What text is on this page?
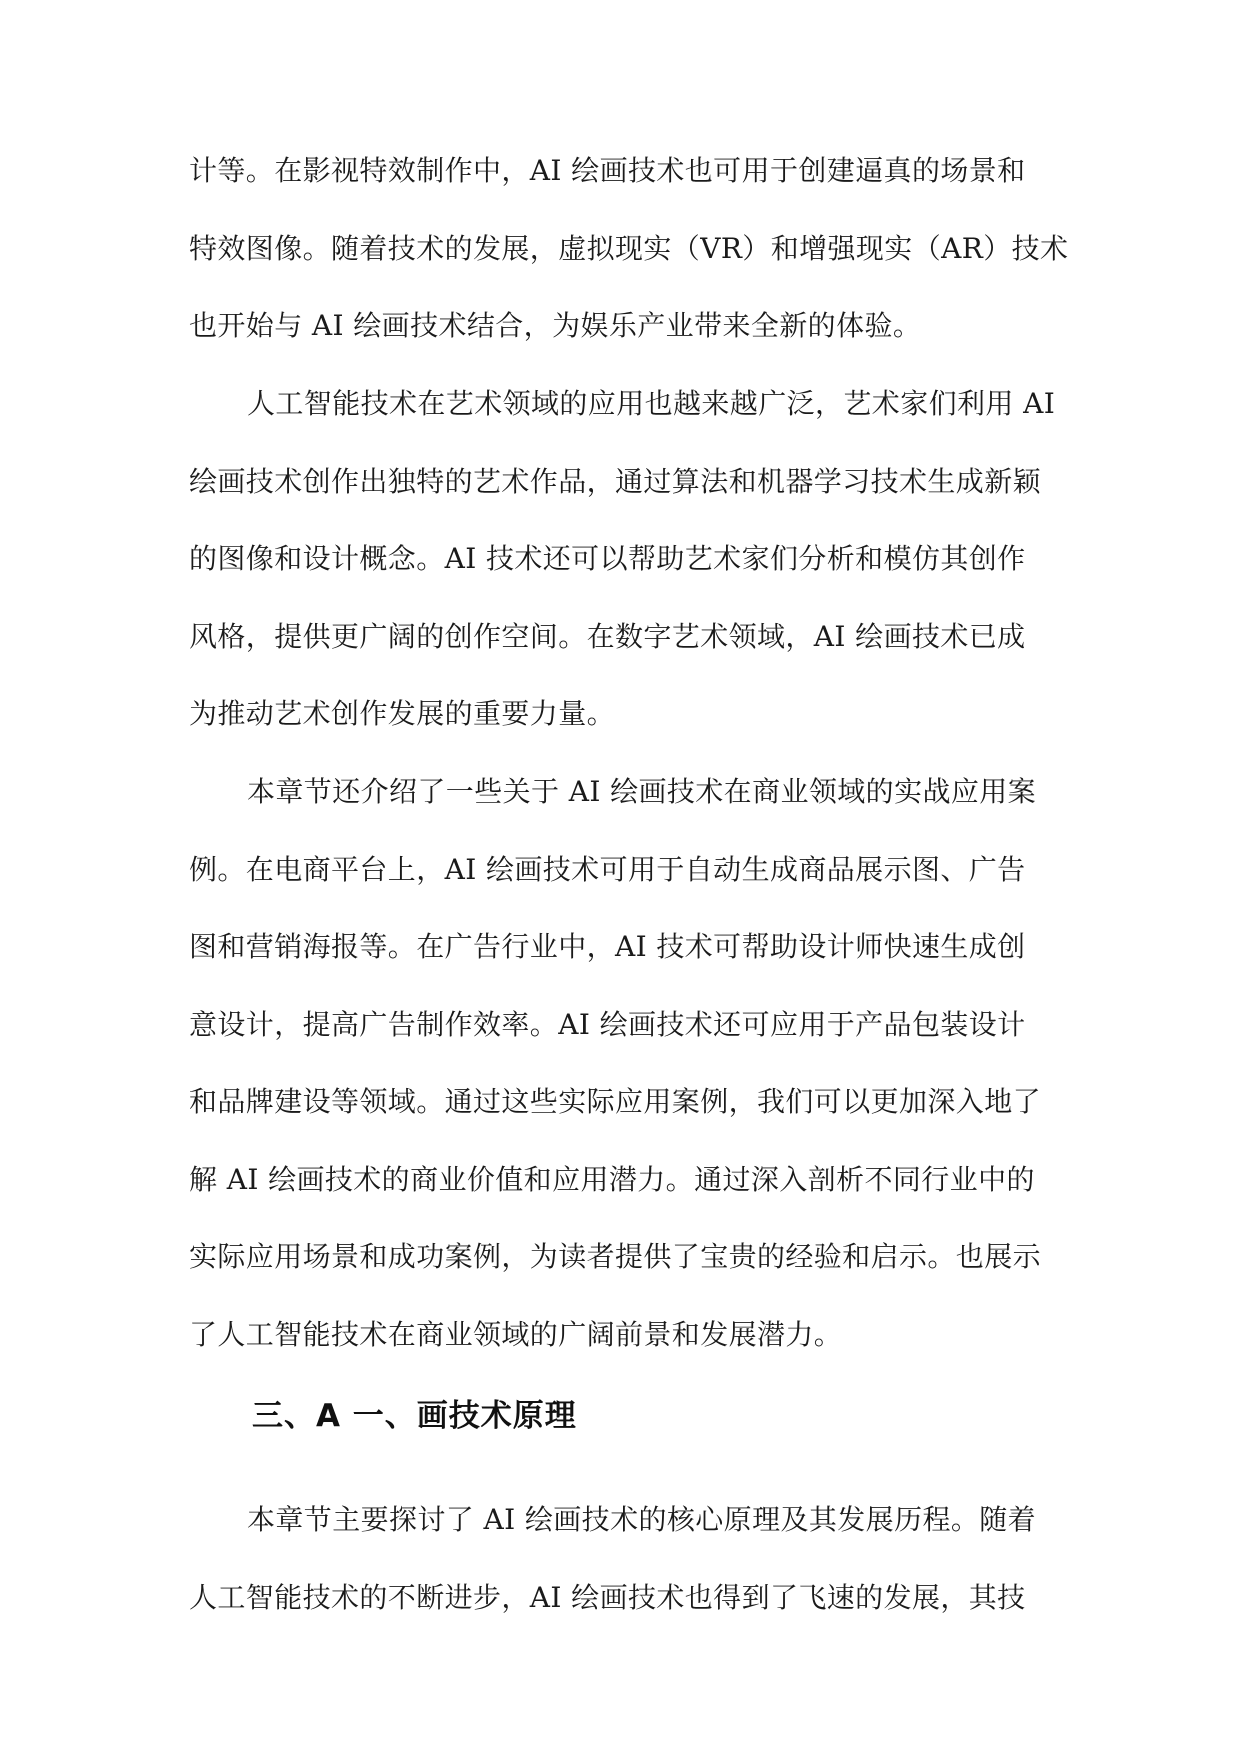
计等。在影视特效制作中，AI 绘画技术也可用于创建逼真的场景和
特效图像。随着技术的发展，虚拟现实（VR）和增强现实（AR）技术
也开始与 AI 绘画技术结合，为娱乐产业带来全新的体验。

人工智能技术在艺术领域的应用也越来越广泛，艺术家们利用 AI
绘画技术创作出独特的艺术作品，通过算法和机器学习技术生成新颖
的图像和设计概念。AI 技术还可以帮助艺术家们分析和模仿其创作
风格，提供更广阔的创作空间。在数字艺术领域，AI 绘画技术已成
为推动艺术创作发展的重要力量。

本章节还介绍了一些关于 AI 绘画技术在商业领域的实战应用案
例。在电商平台上，AI 绘画技术可用于自动生成商品展示图、广告
图和营销海报等。在广告行业中，AI 技术可帮助设计师快速生成创
意设计，提高广告制作效率。AI 绘画技术还可应用于产品包装设计
和品牌建设等领域。通过这些实际应用案例，我们可以更加深入地了
解 AI 绘画技术的商业价值和应用潜力。通过深入剖析不同行业中的
实际应用场景和成功案例，为读者提供了宝贵的经验和启示。也展示
了人工智能技术在商业领域的广阔前景和发展潜力。

三、A 一、画技术原理

本章节主要探讨了 AI 绘画技术的核心原理及其发展历程。随着
人工智能技术的不断进步，AI 绘画技术也得到了飞速的发展，其技
